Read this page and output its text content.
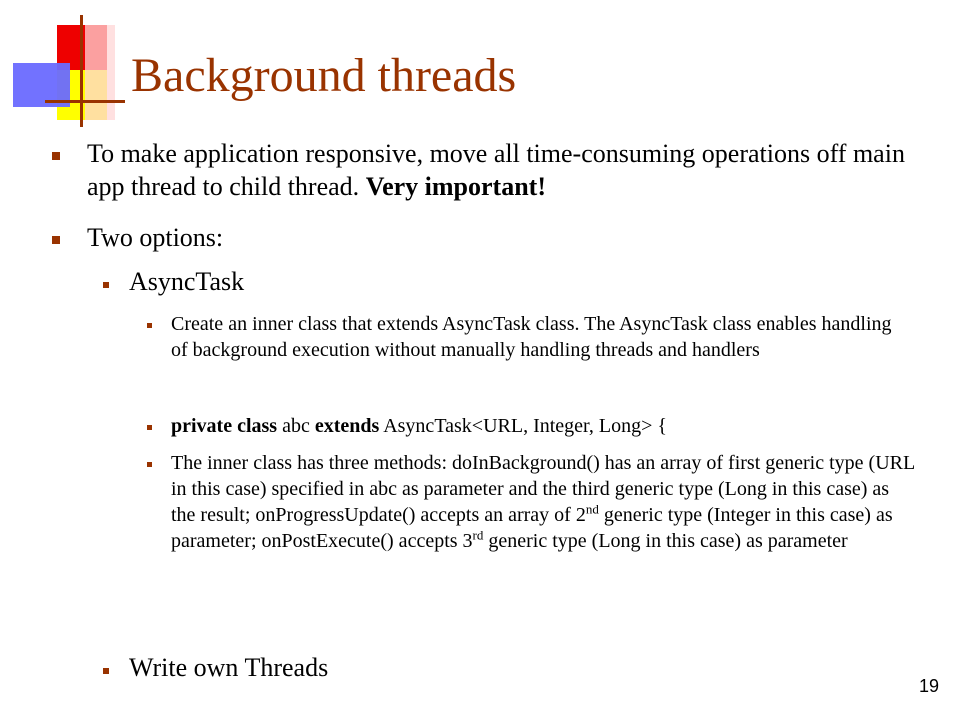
Background threads
To make application responsive, move all time-consuming operations off main app thread to child thread. Very important!
Two options:
AsyncTask
Create an inner class that extends AsyncTask class. The AsyncTask class enables handling of background execution without manually handling threads and handlers
private class abc extends AsyncTask<URL, Integer, Long> {
The inner class has three methods: doInBackground() has an array of first generic type (URL in this case) specified in abc as parameter and the third generic type (Long in this case) as the result; onProgressUpdate() accepts an array of 2nd generic type (Integer in this case) as parameter; onPostExecute() accepts 3rd generic type (Long in this case) as parameter
Write own Threads
19
